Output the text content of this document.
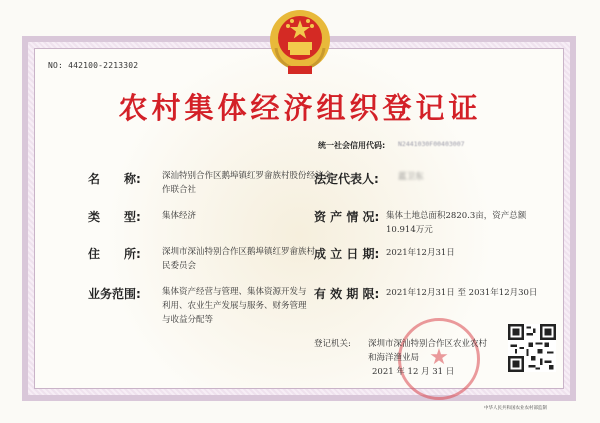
NO: 442100-2213302
农村集体经济组织登记证
统一社会信用代码: N2441030F00403007
名　　称: 深汕特别合作区鹅埠镇红罗畲族村股份经济合作联合社
类　　型: 集体经济
住　　所: 深圳市深汕特别合作区鹅埠镇红罗畲族村民委员会
业务范围: 集体资产经营与管理、集体资源开发与利用、农业生产发展与服务、财务管理与收益分配等
法定代表人: 蓝卫东
资 产 情 况: 集体土地总面积2820.3亩，资产总额10.914万元
成 立 日 期: 2021年12月31日
有 效 期 限: 2021年12月31日 至 2031年12月30日
★
登记机关: 深圳市深汕特别合作区农业农村和海洋渔业局
2021 年 12 月 31 日
中华人民共和国农业农村部监制
